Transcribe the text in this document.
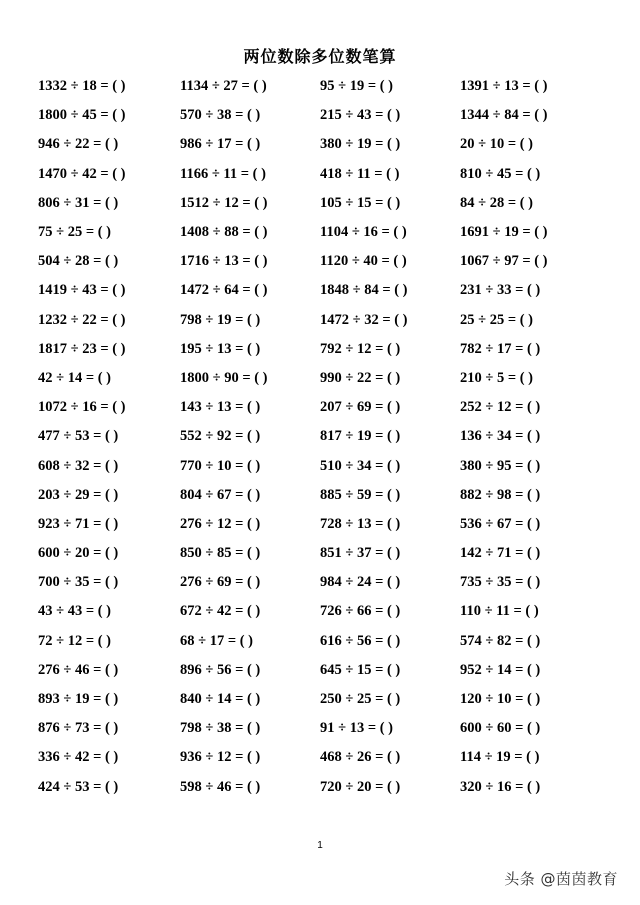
两位数除多位数笔算
1332 ÷ 18 = ( )	1134 ÷ 27 = ( )	95 ÷ 19 = ( )	1391 ÷ 13 = ( )
1800 ÷ 45 = ( )	570 ÷ 38 = ( )	215 ÷ 43 = ( )	1344 ÷ 84 = ( )
946 ÷ 22 = ( )	986 ÷ 17 = ( )	380 ÷ 19 = ( )	20 ÷ 10 = ( )
1470 ÷ 42 = ( )	1166 ÷ 11 = ( )	418 ÷ 11 = ( )	810 ÷ 45 = ( )
806 ÷ 31 = ( )	1512 ÷ 12 = ( )	105 ÷ 15 = ( )	84 ÷ 28 = ( )
75 ÷ 25 = ( )	1408 ÷ 88 = ( )	1104 ÷ 16 = ( )	1691 ÷ 19 = ( )
504 ÷ 28 = ( )	1716 ÷ 13 = ( )	1120 ÷ 40 = ( )	1067 ÷ 97 = ( )
1419 ÷ 43 = ( )	1472 ÷ 64 = ( )	1848 ÷ 84 = ( )	231 ÷ 33 = ( )
1232 ÷ 22 = ( )	798 ÷ 19 = ( )	1472 ÷ 32 = ( )	25 ÷ 25 = ( )
1817 ÷ 23 = ( )	195 ÷ 13 = ( )	792 ÷ 12 = ( )	782 ÷ 17 = ( )
42 ÷ 14 = ( )	1800 ÷ 90 = ( )	990 ÷ 22 = ( )	210 ÷ 5 = ( )
1072 ÷ 16 = ( )	143 ÷ 13 = ( )	207 ÷ 69 = ( )	252 ÷ 12 = ( )
477 ÷ 53 = ( )	552 ÷ 92 = ( )	817 ÷ 19 = ( )	136 ÷ 34 = ( )
608 ÷ 32 = ( )	770 ÷ 10 = ( )	510 ÷ 34 = ( )	380 ÷ 95 = ( )
203 ÷ 29 = ( )	804 ÷ 67 = ( )	885 ÷ 59 = ( )	882 ÷ 98 = ( )
923 ÷ 71 = ( )	276 ÷ 12 = ( )	728 ÷ 13 = ( )	536 ÷ 67 = ( )
600 ÷ 20 = ( )	850 ÷ 85 = ( )	851 ÷ 37 = ( )	142 ÷ 71 = ( )
700 ÷ 35 = ( )	276 ÷ 69 = ( )	984 ÷ 24 = ( )	735 ÷ 35 = ( )
43 ÷ 43 = ( )	672 ÷ 42 = ( )	726 ÷ 66 = ( )	110 ÷ 11 = ( )
72 ÷ 12 = ( )	68 ÷ 17 = ( )	616 ÷ 56 = ( )	574 ÷ 82 = ( )
276 ÷ 46 = ( )	896 ÷ 56 = ( )	645 ÷ 15 = ( )	952 ÷ 14 = ( )
893 ÷ 19 = ( )	840 ÷ 14 = ( )	250 ÷ 25 = ( )	120 ÷ 10 = ( )
876 ÷ 73 = ( )	798 ÷ 38 = ( )	91 ÷ 13 = ( )	600 ÷ 60 = ( )
336 ÷ 42 = ( )	936 ÷ 12 = ( )	468 ÷ 26 = ( )	114 ÷ 19 = ( )
424 ÷ 53 = ( )	598 ÷ 46 = ( )	720 ÷ 20 = ( )	320 ÷ 16 = ( )
1
头条 @茵茵教育
